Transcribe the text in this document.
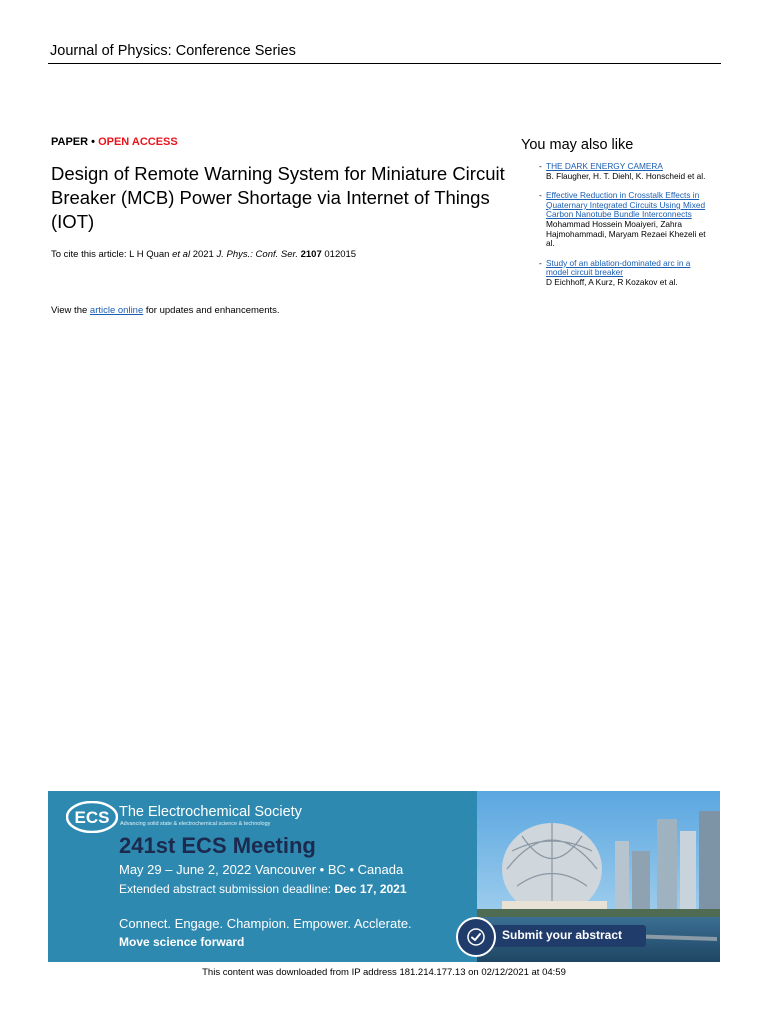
Journal of Physics: Conference Series
PAPER • OPEN ACCESS
Design of Remote Warning System for Miniature Circuit Breaker (MCB) Power Shortage via Internet of Things (IOT)
To cite this article: L H Quan et al 2021 J. Phys.: Conf. Ser. 2107 012015
View the article online for updates and enhancements.
You may also like
- THE DARK ENERGY CAMERA
B. Flaugher, H. T. Diehl, K. Honscheid et al.
- Effective Reduction in Crosstalk Effects in Quaternary Integrated Circuits Using Mixed Carbon Nanotube Bundle Interconnects
Mohammad Hossein Moaiyeri, Zahra Hajmohammadi, Maryam Rezaei Khezeli et al.
- Study of an ablation-dominated arc in a model circuit breaker
D Eichhoff, A Kurz, R Kozakov et al.
ECS The Electrochemical Society
Advancing solid state & electrochemical science & technology
241st ECS Meeting
May 29 – June 2, 2022 Vancouver • BC • Canada
Extended abstract submission deadline: Dec 17, 2021
Connect. Engage. Champion. Empower. Acclerate.
Move science forward	Submit your abstract
This content was downloaded from IP address 181.214.177.13 on 02/12/2021 at 04:59
